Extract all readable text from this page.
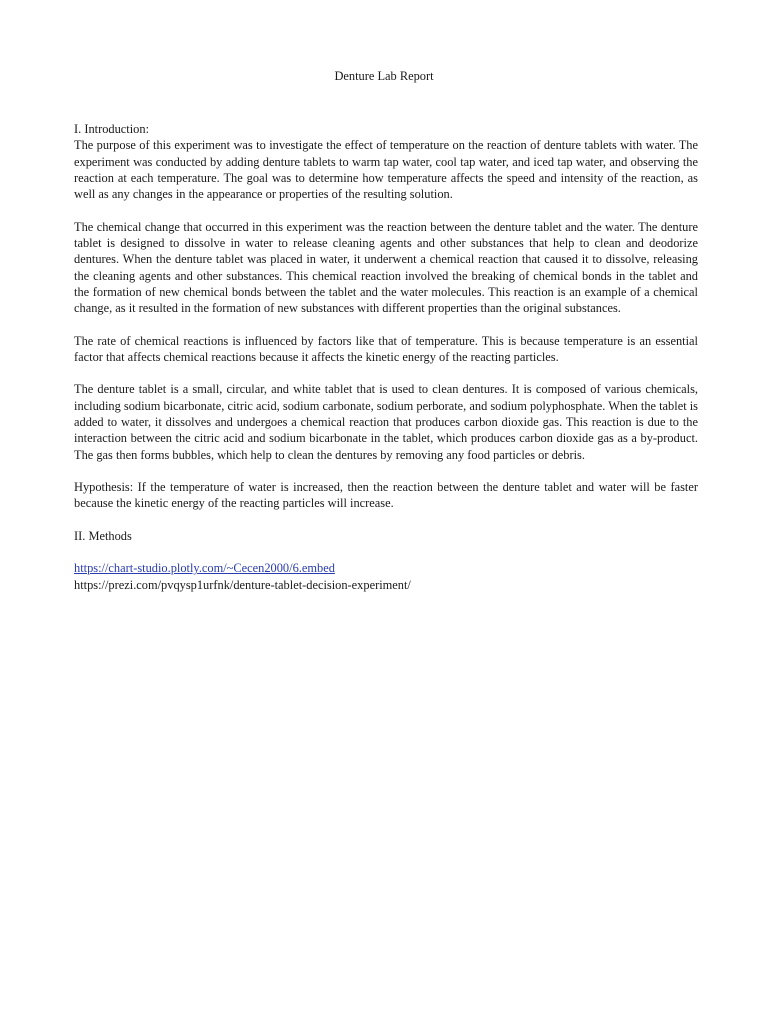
Denture Lab Report
I. Introduction:

The purpose of this experiment was to investigate the effect of temperature on the reaction of denture tablets with water. The experiment was conducted by adding denture tablets to warm tap water, cool tap water, and iced tap water, and observing the reaction at each temperature. The goal was to determine how temperature affects the speed and intensity of the reaction, as well as any changes in the appearance or properties of the resulting solution.

The chemical change that occurred in this experiment was the reaction between the denture tablet and the water. The denture tablet is designed to dissolve in water to release cleaning agents and other substances that help to clean and deodorize dentures. When the denture tablet was placed in water, it underwent a chemical reaction that caused it to dissolve, releasing the cleaning agents and other substances. This chemical reaction involved the breaking of chemical bonds in the tablet and the formation of new chemical bonds between the tablet and the water molecules. This reaction is an example of a chemical change, as it resulted in the formation of new substances with different properties than the original substances.

The rate of chemical reactions is influenced by factors like that of temperature. This is because temperature is an essential factor that affects chemical reactions because it affects the kinetic energy of the reacting particles.

The denture tablet is a small, circular, and white tablet that is used to clean dentures. It is composed of various chemicals, including sodium bicarbonate, citric acid, sodium carbonate, sodium perborate, and sodium polyphosphate. When the tablet is added to water, it dissolves and undergoes a chemical reaction that produces carbon dioxide gas. This reaction is due to the interaction between the citric acid and sodium bicarbonate in the tablet, which produces carbon dioxide gas as a by-product. The gas then forms bubbles, which help to clean the dentures by removing any food particles or debris.

Hypothesis: If the temperature of water is increased, then the reaction between the denture tablet and water will be faster because the kinetic energy of the reacting particles will increase.

II. Methods
https://chart-studio.plotly.com/~Cecen2000/6.embed
https://prezi.com/pvqysp1urfnk/denture-tablet-decision-experiment/
